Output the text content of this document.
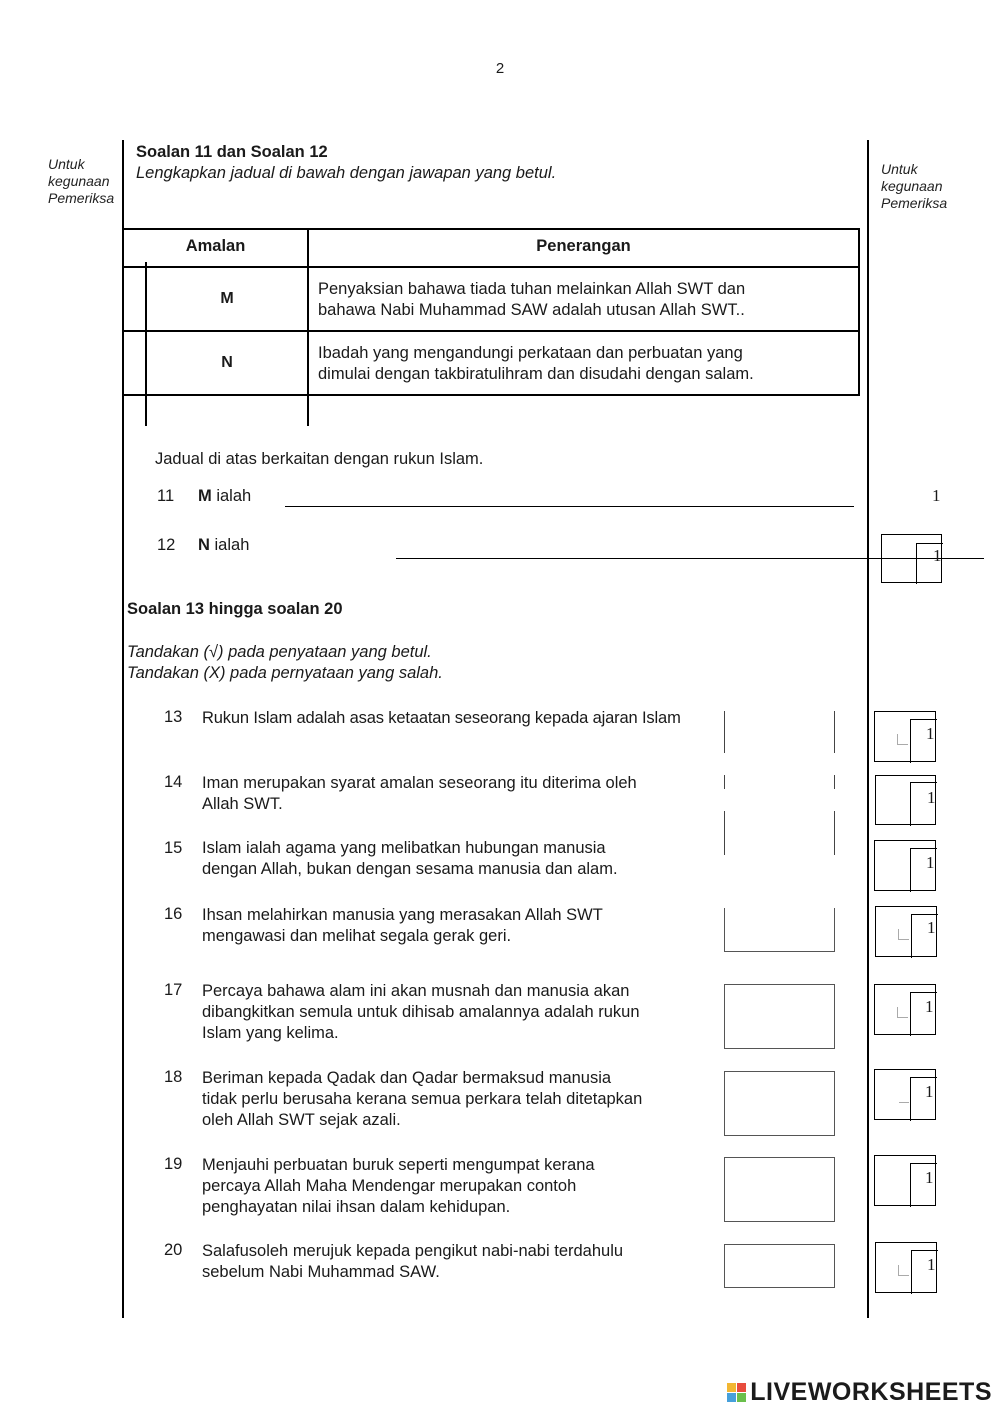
2
Untuk
kegunaan
Pemeriksa
Untuk
kegunaan
Pemeriksa
Soalan 11 dan Soalan 12
Lengkapkan jadual di bawah dengan jawapan yang betul.
Amalan	Penerangan
M
Penyaksian bahawa tiada tuhan melainkan Allah SWT dan
bahawa Nabi Muhammad SAW adalah utusan Allah SWT..
N
Ibadah yang mengandungi perkataan dan perbuatan yang
dimulai dengan takbiratulihram dan disudahi dengan salam.
Jadual di atas berkaitan dengan rukun Islam.
11 M ialah	1
12 N ialah
1
Soalan 13 hingga soalan 20
Tandakan (√) pada penyataan yang betul.
Tandakan (X) pada pernyataan yang salah.
13 Rukun Islam adalah asas ketaatan seseorang kepada ajaran Islam
14 Iman merupakan syarat amalan seseorang itu diterima oleh
Allah SWT.
15 Islam ialah agama yang melibatkan hubungan manusia
dengan Allah, bukan dengan sesama manusia dan alam.
16 Ihsan melahirkan manusia yang merasakan Allah SWT
mengawasi dan melihat segala gerak geri.
17 Percaya bahawa alam ini akan musnah dan manusia akan
dibangkitkan semula untuk dihisab amalannya adalah rukun
Islam yang kelima.
18 Beriman kepada Qadak dan Qadar bermaksud manusia
tidak perlu berusaha kerana semua perkara telah ditetapkan
oleh Allah SWT sejak azali.
19 Menjauhi perbuatan buruk seperti mengumpat kerana
percaya Allah Maha Mendengar merupakan contoh
penghayatan nilai ihsan dalam kehidupan.
20 Salafusoleh merujuk kepada pengikut nabi-nabi terdahulu
sebelum Nabi Muhammad SAW.
1
1
1
1
1
1
1
1
LIVEWORKSHEETS
